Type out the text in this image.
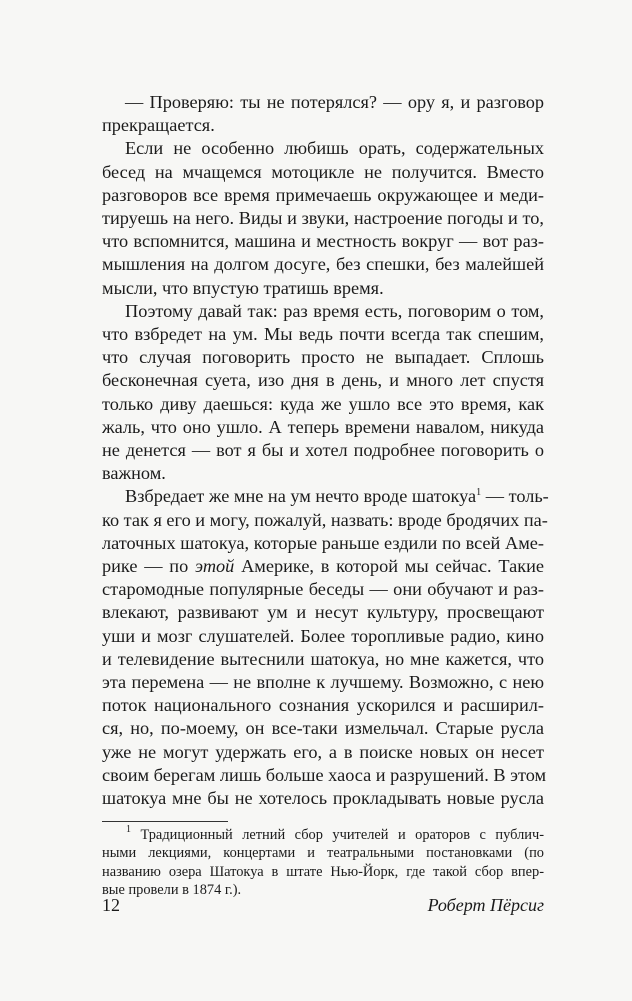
— Проверяю: ты не потерялся? — ору я, и разговор
прекращается.

Если не особенно любишь орать, содержательных
бесед на мчащемся мотоцикле не получится. Вместо
разговоров все время примечаешь окружающее и меди-
тируешь на него. Виды и звуки, настроение погоды и то,
что вспомнится, машина и местность вокруг — вот раз-
мышления на долгом досуге, без спешки, без малейшей
мысли, что впустую тратишь время.

Поэтому давай так: раз время есть, поговорим о том,
что взбредет на ум. Мы ведь почти всегда так спешим,
что случая поговорить просто не выпадает. Сплошь
бесконечная суета, изо дня в день, и много лет спустя
только диву даешься: куда же ушло все это время, как
жаль, что оно ушло. А теперь времени навалом, никуда
не денется — вот я бы и хотел подробнее поговорить о
важном.

Взбредает же мне на ум нечто вроде шатокуа$^1$ — толь-
ко так я его и могу, пожалуй, назвать: вроде бродячих па-
латочных шатокуа, которые раньше ездили по всей Аме-
рике — по этой Америке, в которой мы сейчас. Такие
старомодные популярные беседы — они обучают и раз-
влекают, развивают ум и несут культуру, просвещают
уши и мозг слушателей. Более торопливые радио, кино
и телевидение вытеснили шатокуа, но мне кажется, что
эта перемена — не вполне к лучшему. Возможно, с нею
поток национального сознания ускорился и расширил-
ся, но, по-моему, он все-таки измельчал. Старые русла
уже не могут удержать его, а в поиске новых он несет
своим берегам лишь больше хаоса и разрушений. В этом
шатокуа мне бы не хотелось прокладывать новые русла

$^1$ Традиционный летний сбор учителей и ораторов с публич-
ными лекциями, концертами и театральными постановками (по
названию озера Шатокуа в штате Нью-Йорк, где такой сбор впер-
вые провели в 1874 г.).
12	Роберт Пёрсиг
